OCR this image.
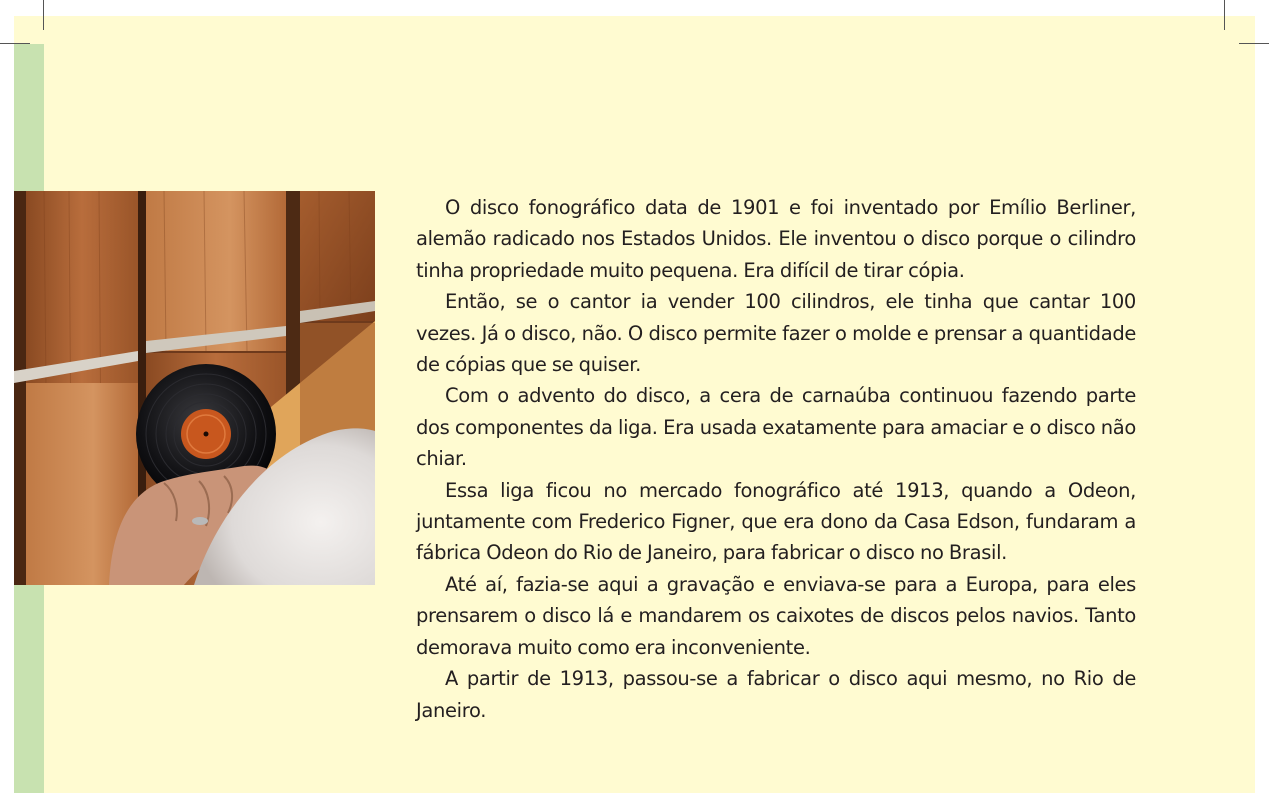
O disco fonográfico data de 1901 e foi inventado por Emílio Berliner, alemão radicado nos Estados Unidos. Ele inventou o disco porque o cilindro tinha propriedade muito pequena. Era difícil de tirar cópia.

Então, se o cantor ia vender 100 cilindros, ele tinha que cantar 100 vezes. Já o disco, não. O disco permite fazer o molde e prensar a quantidade de cópias que se quiser.

Com o advento do disco, a cera de carnaúba continuou fazendo parte dos componentes da liga. Era usada exatamente para amaciar e o disco não chiar.

Essa liga ficou no mercado fonográfico até 1913, quando a Odeon, juntamente com Frederico Figner, que era dono da Casa Edson, fundaram a fábrica Odeon do Rio de Janeiro, para fabricar o disco no Brasil.

Até aí, fazia-se aqui a gravação e enviava-se para a Europa, para eles prensarem o disco lá e mandarem os caixotes de discos pelos navios. Tanto demorava muito como era inconveniente.

A partir de 1913, passou-se a fabricar o disco aqui mesmo, no Rio de Janeiro.
